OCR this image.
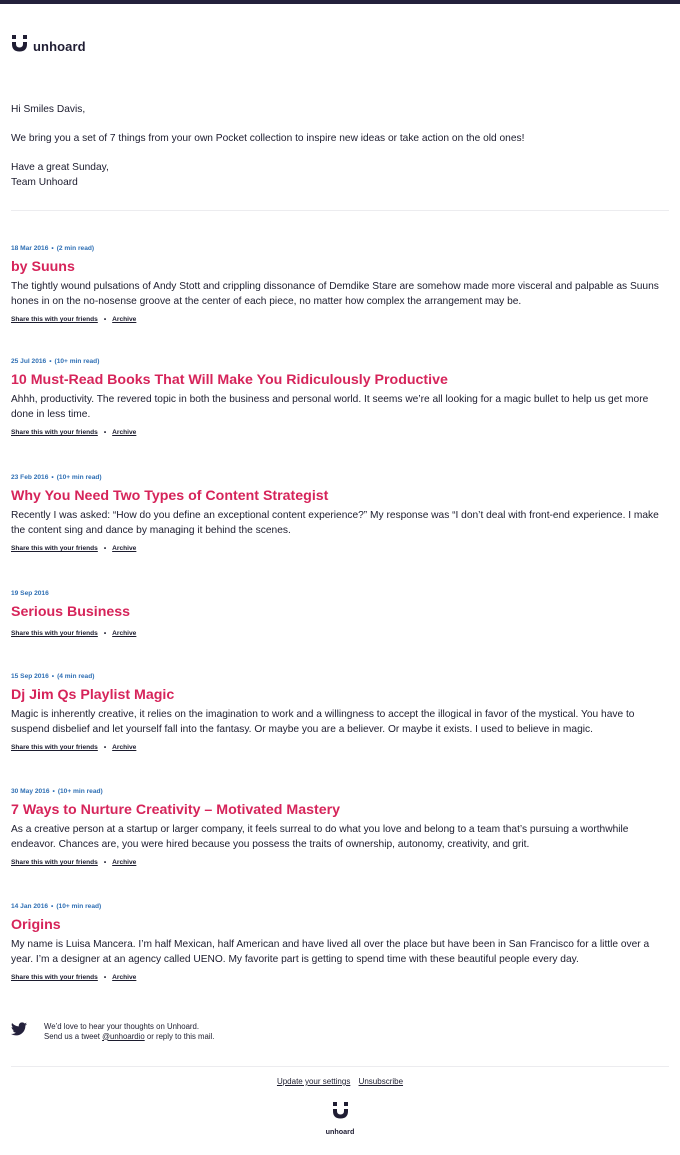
unhoard

Hi Smiles Davis,

We bring you a set of 7 things from your own Pocket collection to inspire new ideas or take action on the old ones!

Have a great Sunday,

Team Unhoard

18 Mar 2016 • (2 min read)
by Suuns
The tightly wound pulsations of Andy Stott and crippling dissonance of Demdike Stare are somehow made more visceral and palpable as Suuns hones in on the no-nosense groove at the center of each piece, no matter how complex the arrangement may be.
Share this with your friends • Archive
25 Jul 2016 • (10+ min read)
10 Must-Read Books That Will Make You Ridiculously Productive
Ahhh, productivity. The revered topic in both the business and personal world. It seems we’re all looking for a magic bullet to help us get more done in less time.
Share this with your friends • Archive
23 Feb 2016 • (10+ min read)
Why You Need Two Types of Content Strategist
Recently I was asked: “How do you define an exceptional content experience?” My response was “I don’t deal with front-end experience. I make the content sing and dance by managing it behind the scenes.
Share this with your friends • Archive
19 Sep 2016
Serious Business
Share this with your friends • Archive
15 Sep 2016 • (4 min read)
Dj Jim Qs Playlist Magic
Magic is inherently creative, it relies on the imagination to work and a willingness to accept the illogical in favor of the mystical. You have to suspend disbelief and let yourself fall into the fantasy. Or maybe you are a believer. Or maybe it exists. I used to believe in magic.
Share this with your friends • Archive
30 May 2016 • (10+ min read)
7 Ways to Nurture Creativity – Motivated Mastery
As a creative person at a startup or larger company, it feels surreal to do what you love and belong to a team that’s pursuing a worthwhile endeavor. Chances are, you were hired because you possess the traits of ownership, autonomy, creativity, and grit.
Share this with your friends • Archive
14 Jan 2016 • (10+ min read)
Origins
My name is Luisa Mancera. I’m half Mexican, half American and have lived all over the place but have been in San Francisco for a little over a year. I’m a designer at an agency called UENO. My favorite part is getting to spend time with these beautiful people every day.
Share this with your friends • Archive
We’d love to hear your thoughts on Unhoard.
Send us a tweet @unhoardio or reply to this mail.
Update your settings Unsubscribe
unhoard
